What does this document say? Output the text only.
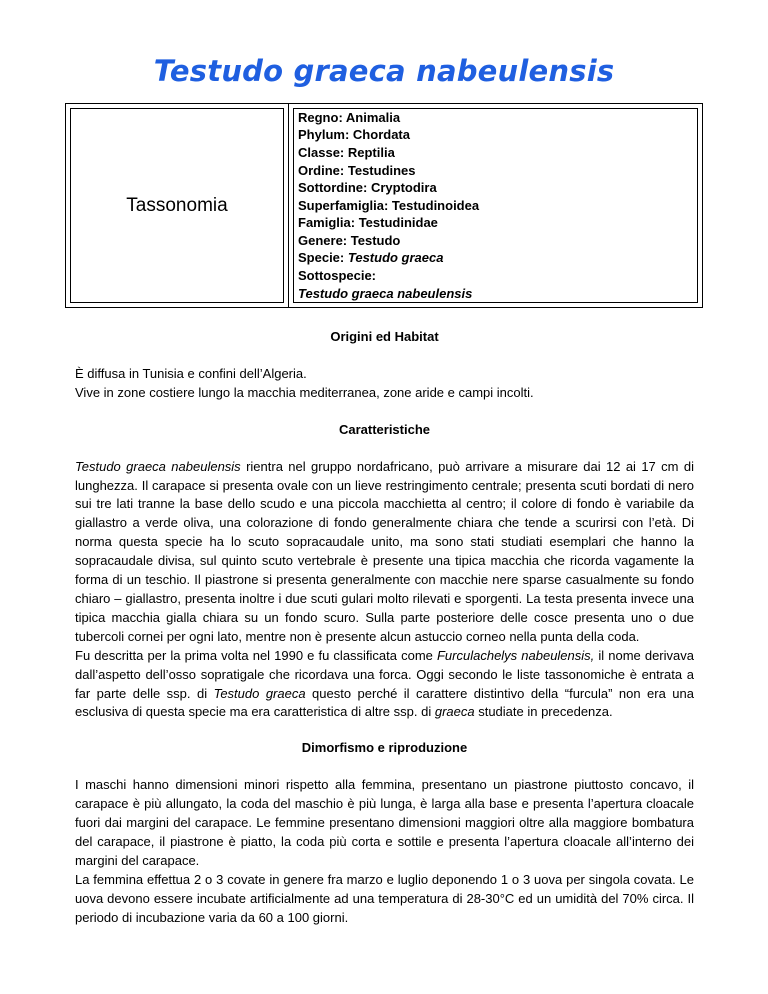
Testudo graeca nabeulensis
Tassonomia

Regno: Animalia
Phylum: Chordata
Classe: Reptilia
Ordine: Testudines
Sottordine: Cryptodira
Superfamiglia: Testudinoidea
Famiglia: Testudinidae
Genere: Testudo
Specie: Testudo graeca
Sottospecie:
Testudo graeca nabeulensis

Origini ed Habitat

È diffusa in Tunisia e confini dell’Algeria.

Vive in zone costiere lungo la macchia mediterranea, zone aride e campi incolti.

Caratteristiche

Testudo graeca nabeulensis rientra nel gruppo nordafricano, può arrivare a misurare dai 12 ai 17 cm di lunghezza. Il carapace si presenta ovale con un lieve restringimento centrale; presenta scuti bordati di nero sui tre lati tranne la base dello scudo e una piccola macchietta al centro; il colore di fondo è variabile da giallastro a verde oliva, una colorazione di fondo generalmente chiara che tende a scurirsi con l’età. Di norma questa specie ha lo scuto sopracaudale unito, ma sono stati studiati esemplari che hanno la sopracaudale divisa, sul quinto scuto vertebrale è presente una tipica macchia che ricorda vagamente la forma di un teschio. Il piastrone si presenta generalmente con macchie nere sparse casualmente su fondo chiaro – giallastro, presenta inoltre i due scuti gulari molto rilevati e sporgenti. La testa presenta invece una tipica macchia gialla chiara su un fondo scuro. Sulla parte posteriore delle cosce presenta uno o due tubercoli cornei per ogni lato, mentre non è presente alcun astuccio corneo nella punta della coda.

Fu descritta per la prima volta nel 1990 e fu classificata come Furculachelys nabeulensis, il nome derivava dall’aspetto dell’osso sopratigale che ricordava una forca. Oggi secondo le liste tassonomiche è entrata a far parte delle ssp. di Testudo graeca questo perché il carattere distintivo della “furcula” non era una esclusiva di questa specie ma era caratteristica di altre ssp. di graeca studiate in precedenza.

Dimorfismo e riproduzione

I maschi hanno dimensioni minori rispetto alla femmina, presentano un piastrone piuttosto concavo, il carapace è più allungato, la coda del maschio è più lunga, è larga alla base e presenta l’apertura cloacale fuori dai margini del carapace. Le femmine presentano dimensioni maggiori oltre alla maggiore bombatura del carapace, il piastrone è piatto, la coda più corta e sottile e presenta l’apertura cloacale all’interno dei margini del carapace.

La femmina effettua 2 o 3 covate in genere fra marzo e luglio deponendo 1 o 3 uova per singola covata. Le uova devono essere incubate artificialmente ad una temperatura di 28-30°C ed un umidità del 70% circa. Il periodo di incubazione varia da 60 a 100 giorni.
